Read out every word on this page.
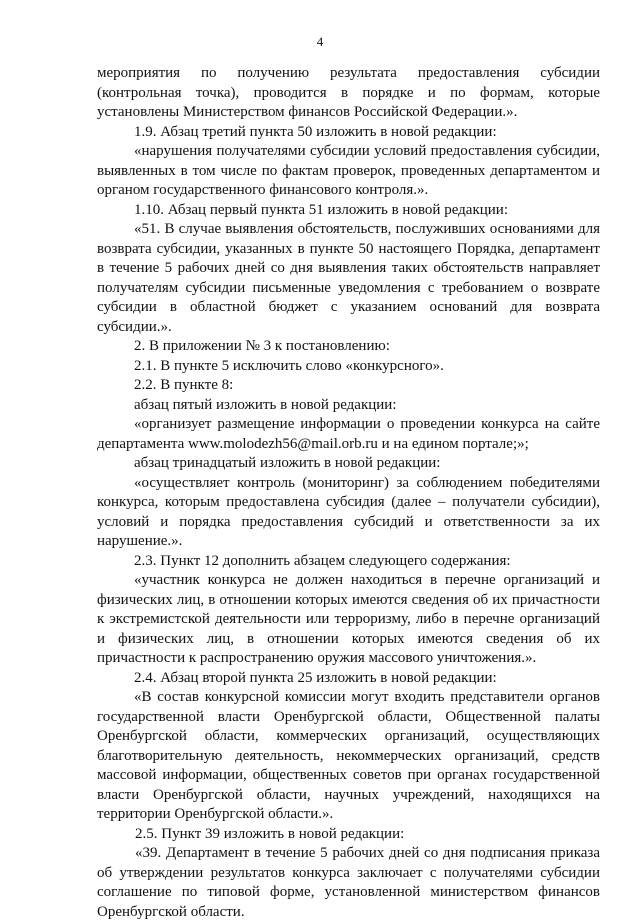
4

мероприятия по получению результата предоставления субсидии (контрольная точка), проводится в порядке и по формам, которые установлены Министерством финансов Российской Федерации.».

1.9. Абзац третий пункта 50 изложить в новой редакции:

«нарушения получателями субсидии условий предоставления субсидии, выявленных в том числе по фактам проверок, проведенных департаментом и органом государственного финансового контроля.».

1.10. Абзац первый пункта 51 изложить в новой редакции:

«51. В случае выявления обстоятельств, послуживших основаниями для возврата субсидии, указанных в пункте 50 настоящего Порядка, департамент в течение 5 рабочих дней со дня выявления таких обстоятельств направляет получателям субсидии письменные уведомления с требованием о возврате субсидии в областной бюджет с указанием оснований для возврата субсидии.».

2. В приложении № 3 к постановлению:

2.1. В пункте 5 исключить слово «конкурсного».

2.2. В пункте 8:

абзац пятый изложить в новой редакции:

«организует размещение информации о проведении конкурса на сайте департамента www.molodezh56@mail.orb.ru и на едином портале;»;

абзац тринадцатый изложить в новой редакции:

«осуществляет контроль (мониторинг) за соблюдением победителями конкурса, которым предоставлена субсидия (далее – получатели субсидии), условий и порядка предоставления субсидий и ответственности за их нарушение.».

2.3. Пункт 12 дополнить абзацем следующего содержания:

«участник конкурса не должен находиться в перечне организаций и физических лиц, в отношении которых имеются сведения об их причастности к экстремистской деятельности или терроризму, либо в перечне организаций и физических лиц, в отношении которых имеются сведения об их причастности к распространению оружия массового уничтожения.».

2.4. Абзац второй пункта 25 изложить в новой редакции:

«В состав конкурсной комиссии могут входить представители органов государственной власти Оренбургской области, Общественной палаты Оренбургской области, коммерческих организаций, осуществляющих благотворительную деятельность, некоммерческих организаций, средств массовой информации, общественных советов при органах государственной власти Оренбургской области, научных учреждений, находящихся на территории Оренбургской области.».

2.5. Пункт 39 изложить в новой редакции:

«39. Департамент в течение 5 рабочих дней со дня подписания приказа об утверждении результатов конкурса заключает с получателями субсидии соглашение по типовой форме, установленной министерством финансов Оренбургской области.
